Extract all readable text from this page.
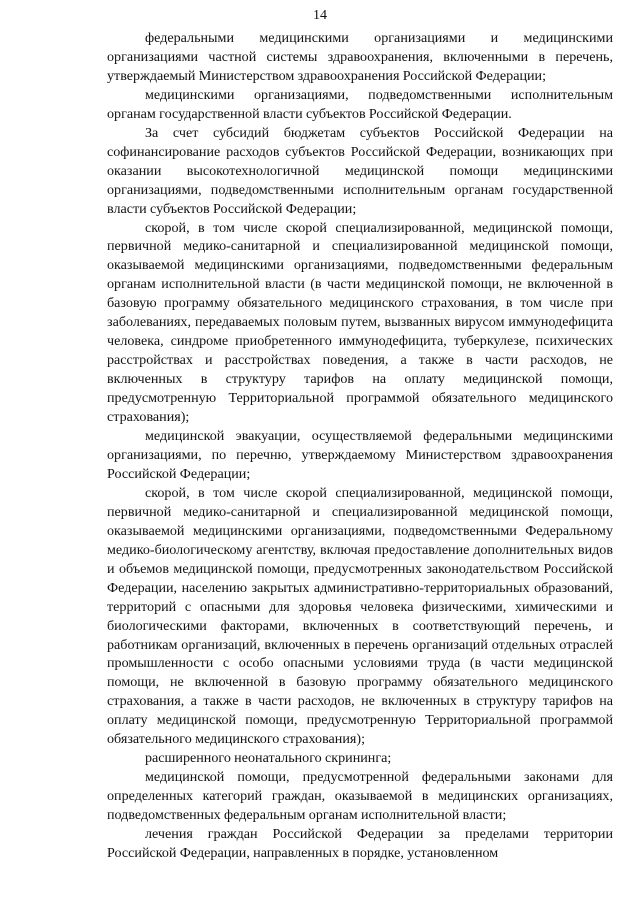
14

федеральными медицинскими организациями и медицинскими организациями частной системы здравоохранения, включенными в перечень, утверждаемый Министерством здравоохранения Российской Федерации;

медицинскими организациями, подведомственными исполнительным органам государственной власти субъектов Российской Федерации.

За счет субсидий бюджетам субъектов Российской Федерации на софинансирование расходов субъектов Российской Федерации, возникающих при оказании высокотехнологичной медицинской помощи медицинскими организациями, подведомственными исполнительным органам государственной власти субъектов Российской Федерации;

скорой, в том числе скорой специализированной, медицинской помощи, первичной медико-санитарной и специализированной медицинской помощи, оказываемой медицинскими организациями, подведомственными федеральным органам исполнительной власти (в части медицинской помощи, не включенной в базовую программу обязательного медицинского страхования, в том числе при заболеваниях, передаваемых половым путем, вызванных вирусом иммунодефицита человека, синдроме приобретенного иммунодефицита, туберкулезе, психических расстройствах и расстройствах поведения, а также в части расходов, не включенных в структуру тарифов на оплату медицинской помощи, предусмотренную Территориальной программой обязательного медицинского страхования);

медицинской эвакуации, осуществляемой федеральными медицинскими организациями, по перечню, утверждаемому Министерством здравоохранения Российской Федерации;

скорой, в том числе скорой специализированной, медицинской помощи, первичной медико-санитарной и специализированной медицинской помощи, оказываемой медицинскими организациями, подведомственными Федеральному медико-биологическому агентству, включая предоставление дополнительных видов и объемов медицинской помощи, предусмотренных законодательством Российской Федерации, населению закрытых административно-территориальных образований, территорий с опасными для здоровья человека физическими, химическими и биологическими факторами, включенных в соответствующий перечень, и работникам организаций, включенных в перечень организаций отдельных отраслей промышленности с особо опасными условиями труда (в части медицинской помощи, не включенной в базовую программу обязательного медицинского страхования, а также в части расходов, не включенных в структуру тарифов на оплату медицинской помощи, предусмотренную Территориальной программой обязательного медицинского страхования);

расширенного неонатального скрининга;

медицинской помощи, предусмотренной федеральными законами для определенных категорий граждан, оказываемой в медицинских организациях, подведомственных федеральным органам исполнительной власти;

лечения граждан Российской Федерации за пределами территории Российской Федерации, направленных в порядке, установленном
